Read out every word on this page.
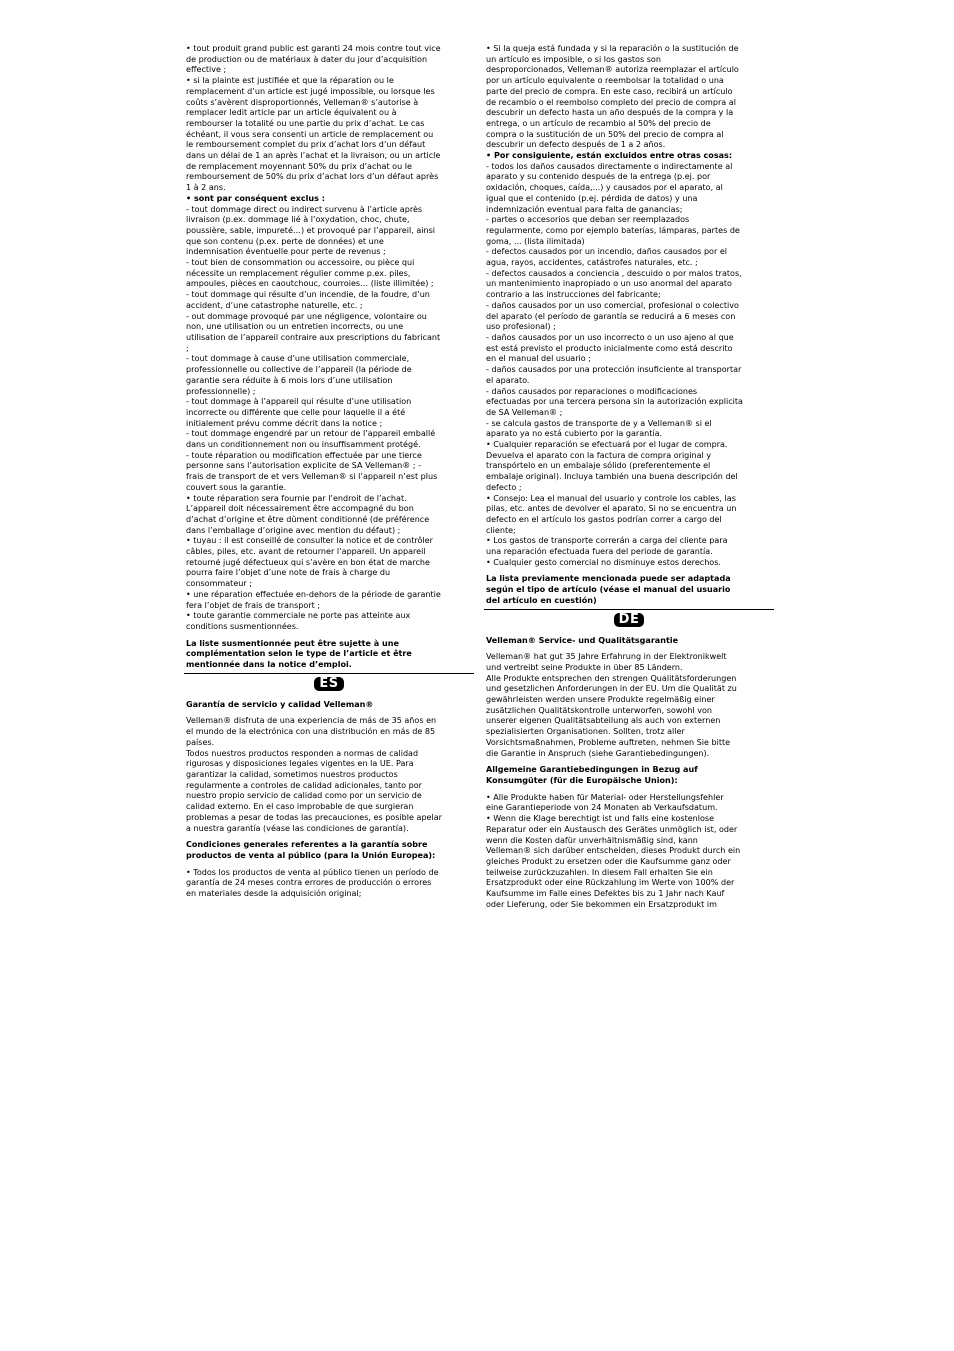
• tout produit grand public est garanti 24 mois contre tout vice
de production ou de matériaux à dater du jour d’acquisition
effective ;
• si la plainte est justifiée et que la réparation ou le
remplacement d’un article est jugé impossible, ou lorsque les
coûts s’avèrent disproportionnés, Velleman® s’autorise à
remplacer ledit article par un article équivalent ou à
rembourser la totalité ou une partie du prix d’achat. Le cas
échéant, il vous sera consenti un article de remplacement ou
le remboursement complet du prix d’achat lors d’un défaut
dans un délai de 1 an après l’achat et la livraison, ou un article
de remplacement moyennant 50% du prix d’achat ou le
remboursement de 50% du prix d’achat lors d’un défaut après
1 à 2 ans.
• sont par conséquent exclus :
- tout dommage direct ou indirect survenu à l’article après
livraison (p.ex. dommage lié à l’oxydation, choc, chute,
poussière, sable, impureté…) et provoqué par l’appareil, ainsi
que son contenu (p.ex. perte de données) et une
indemnisation éventuelle pour perte de revenus ;
- tout bien de consommation ou accessoire, ou pièce qui
nécessite un remplacement régulier comme p.ex. piles,
ampoules, pièces en caoutchouc, courroies… (liste illimitée) ;
- tout dommage qui résulte d’un incendie, de la foudre, d’un
accident, d’une catastrophe naturelle, etc. ;
- out dommage provoqué par une négligence, volontaire ou
non, une utilisation ou un entretien incorrects, ou une
utilisation de l’appareil contraire aux prescriptions du fabricant
;
- tout dommage à cause d’une utilisation commerciale,
professionnelle ou collective de l’appareil (la période de
garantie sera réduite à 6 mois lors d’une utilisation
professionnelle) ;
- tout dommage à l’appareil qui résulte d’une utilisation
incorrecte ou différente que celle pour laquelle il a été
initialement prévu comme décrit dans la notice ;
- tout dommage engendré par un retour de l’appareil emballé
dans un conditionnement non ou insuffisamment protégé.
- toute réparation ou modification effectuée par une tierce
personne sans l’autorisation explicite de SA Velleman® ; -
frais de transport de et vers Velleman® si l’appareil n’est plus
couvert sous la garantie.
• toute réparation sera fournie par l’endroit de l’achat.
L’appareil doit nécessairement être accompagné du bon
d’achat d’origine et être dûment conditionné (de préférence
dans l’emballage d’origine avec mention du défaut) ;
• tuyau : il est conseillé de consulter la notice et de contrôler
câbles, piles, etc. avant de retourner l’appareil. Un appareil
retourné jugé défectueux qui s’avère en bon état de marche
pourra faire l’objet d’une note de frais à charge du
consommateur ;
• une réparation effectuée en-dehors de la période de garantie
fera l’objet de frais de transport ;
• toute garantie commerciale ne porte pas atteinte aux
conditions susmentionnées.
La liste susmentionnée peut être sujette à une
complémentation selon le type de l’article et être
mentionnée dans la notice d’emploi.
ES
Garantía de servicio y calidad Velleman®
Velleman® disfruta de una experiencia de más de 35 años en
el mundo de la electrónica con una distribución en más de 85
países.
Todos nuestros productos responden a normas de calidad
rigurosas y disposiciones legales vigentes en la UE. Para
garantizar la calidad, sometimos nuestros productos
regularmente a controles de calidad adicionales, tanto por
nuestro propio servicio de calidad como por un servicio de
calidad externo. En el caso improbable de que surgieran
problemas a pesar de todas las precauciones, es posible apelar
a nuestra garantía (véase las condiciones de garantía).
Condiciones generales referentes a la garantía sobre
productos de venta al público (para la Unión Europea):
• Todos los productos de venta al público tienen un período de
garantía de 24 meses contra errores de producción o errores
en materiales desde la adquisición original;
• Si la queja está fundada y si la reparación o la sustitución de
un artículo es imposible, o si los gastos son
desproporcionados, Velleman® autoriza reemplazar el artículo
por un artículo equivalente o reembolsar la totalidad o una
parte del precio de compra. En este caso, recibirá un artículo
de recambio o el reembolso completo del precio de compra al
descubrir un defecto hasta un año después de la compra y la
entrega, o un artículo de recambio al 50% del precio de
compra o la sustitución de un 50% del precio de compra al
descubrir un defecto después de 1 a 2 años.
• Por consiguiente, están excluidos entre otras cosas:
- todos los daños causados directamente o indirectamente al
aparato y su contenido después de la entrega (p.ej. por
oxidación, choques, caída,...) y causados por el aparato, al
igual que el contenido (p.ej. pérdida de datos) y una
indemnización eventual para falta de ganancias;
- partes o accesorios que deban ser reemplazados
regularmente, como por ejemplo baterías, lámparas, partes de
goma, ... (lista ilimitada)
- defectos causados por un incendio, daños causados por el
agua, rayos, accidentes, catástrofes naturales, etc. ;
- defectos causados a conciencia , descuido o por malos tratos,
un mantenimiento inapropiado o un uso anormal del aparato
contrario a las instrucciones del fabricante;
- daños causados por un uso comercial, profesional o colectivo
del aparato (el período de garantía se reducirá a 6 meses con
uso profesional) ;
- daños causados por un uso incorrecto o un uso ajeno al que
est está previsto el producto inicialmente como está descrito
en el manual del usuario ;
- daños causados por una protección insuficiente al transportar
el aparato.
- daños causados por reparaciones o modificaciones
efectuadas por una tercera persona sin la autorización explicita
de SA Velleman® ;
- se calcula gastos de transporte de y a Velleman® si el
aparato ya no está cubierto por la garantía.
• Cualquier reparación se efectuará por el lugar de compra.
Devuelva el aparato con la factura de compra original y
transpórtelo en un embalaje sólido (preferentemente el
embalaje original). Incluya también una buena descripción del
defecto ;
• Consejo: Lea el manual del usuario y controle los cables, las
pilas, etc. antes de devolver el aparato. Si no se encuentra un
defecto en el artículo los gastos podrían correr a cargo del
cliente;
• Los gastos de transporte correrán a carga del cliente para
una reparación efectuada fuera del periode de garantía.
• Cualquier gesto comercial no disminuye estos derechos.
La lista previamente mencionada puede ser adaptada
según el tipo de artículo (véase el manual del usuario
del artículo en cuestión)
DE
Velleman® Service- und Qualitätsgarantie
Velleman® hat gut 35 Jahre Erfahrung in der Elektronikwelt
und vertreibt seine Produkte in über 85 Ländern.
Alle Produkte entsprechen den strengen Qualitätsforderungen
und gesetzlichen Anforderungen in der EU. Um die Qualität zu
gewährleisten werden unsere Produkte regelmäßig einer
zusätzlichen Qualitätskontrolle unterworfen, sowohl von
unserer eigenen Qualitätsabteilung als auch von externen
spezialisierten Organisationen. Sollten, trotz aller
Vorsichtsmaßnahmen, Probleme auftreten, nehmen Sie bitte
die Garantie in Anspruch (siehe Garantiebedingungen).
Allgemeine Garantiebedingungen in Bezug auf
Konsumgüter (für die Europäische Union):
• Alle Produkte haben für Material- oder Herstellungsfehler
eine Garantieperiode von 24 Monaten ab Verkaufsdatum.
• Wenn die Klage berechtigt ist und falls eine kostenlose
Reparatur oder ein Austausch des Gerätes unmöglich ist, oder
wenn die Kosten dafür unverhältnismäßig sind, kann
Velleman® sich darüber entscheiden, dieses Produkt durch ein
gleiches Produkt zu ersetzen oder die Kaufsumme ganz oder
teilweise zurückzuzahlen. In diesem Fall erhalten Sie ein
Ersatzprodukt oder eine Rückzahlung im Werte von 100% der
Kaufsumme im Falle eines Defektes bis zu 1 Jahr nach Kauf
oder Lieferung, oder Sie bekommen ein Ersatzprodukt im
